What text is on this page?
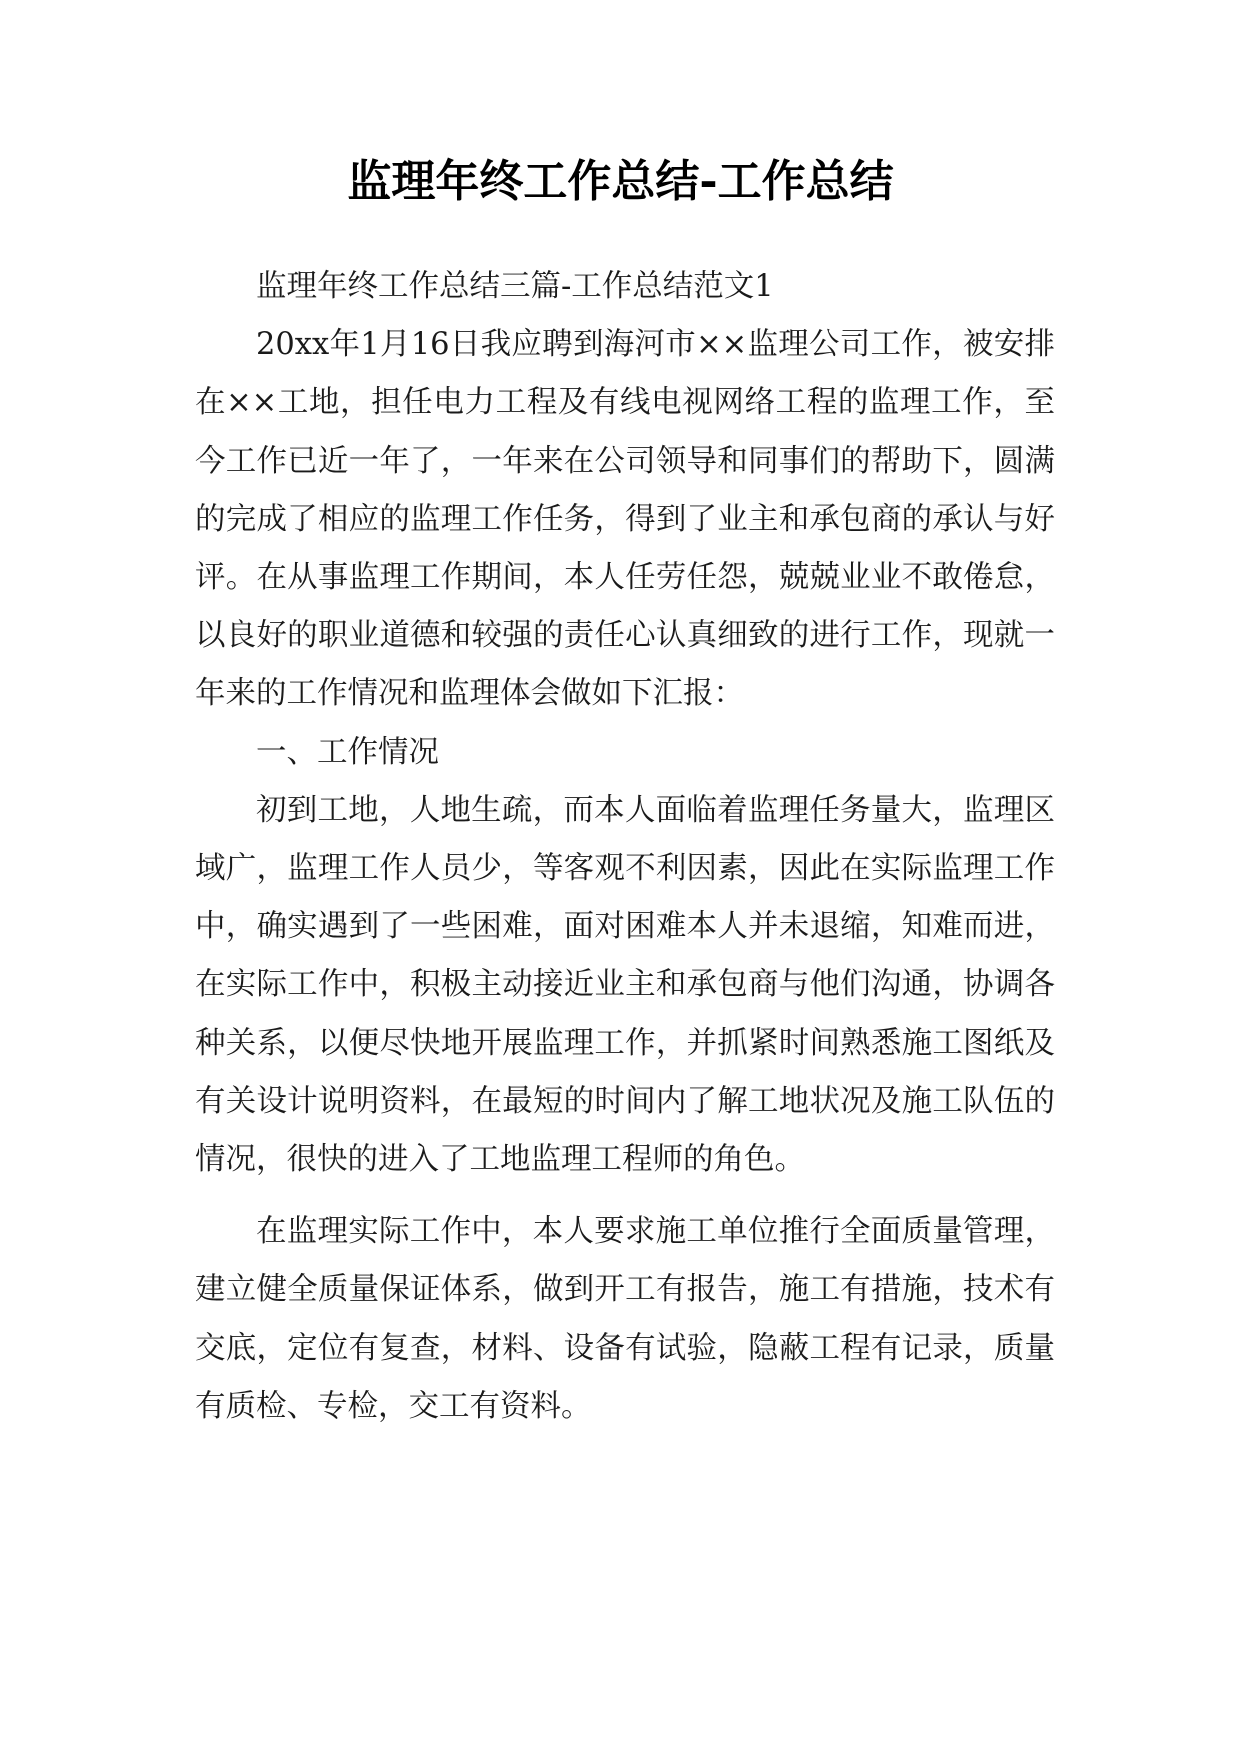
监理年终工作总结-工作总结

监理年终工作总结三篇-工作总结范文1

20xx年1月16日我应聘到海河市××监理公司工作，被安排在××工地，担任电力工程及有线电视网络工程的监理工作，至今工作已近一年了，一年来在公司领导和同事们的帮助下，圆满的完成了相应的监理工作任务，得到了业主和承包商的承认与好评。在从事监理工作期间，本人任劳任怨，兢兢业业不敢倦怠，以良好的职业道德和较强的责任心认真细致的进行工作，现就一年来的工作情况和监理体会做如下汇报：

一、工作情况

初到工地，人地生疏，而本人面临着监理任务量大，监理区域广，监理工作人员少，等客观不利因素，因此在实际监理工作中，确实遇到了一些困难，面对困难本人并未退缩，知难而进，在实际工作中，积极主动接近业主和承包商与他们沟通，协调各种关系，以便尽快地开展监理工作，并抓紧时间熟悉施工图纸及有关设计说明资料，在最短的时间内了解工地状况及施工队伍的情况，很快的进入了工地监理工程师的角色。

在监理实际工作中，本人要求施工单位推行全面质量管理，建立健全质量保证体系，做到开工有报告，施工有措施，技术有交底，定位有复查，材料、设备有试验，隐蔽工程有记录，质量有质检、专检，交工有资料。
